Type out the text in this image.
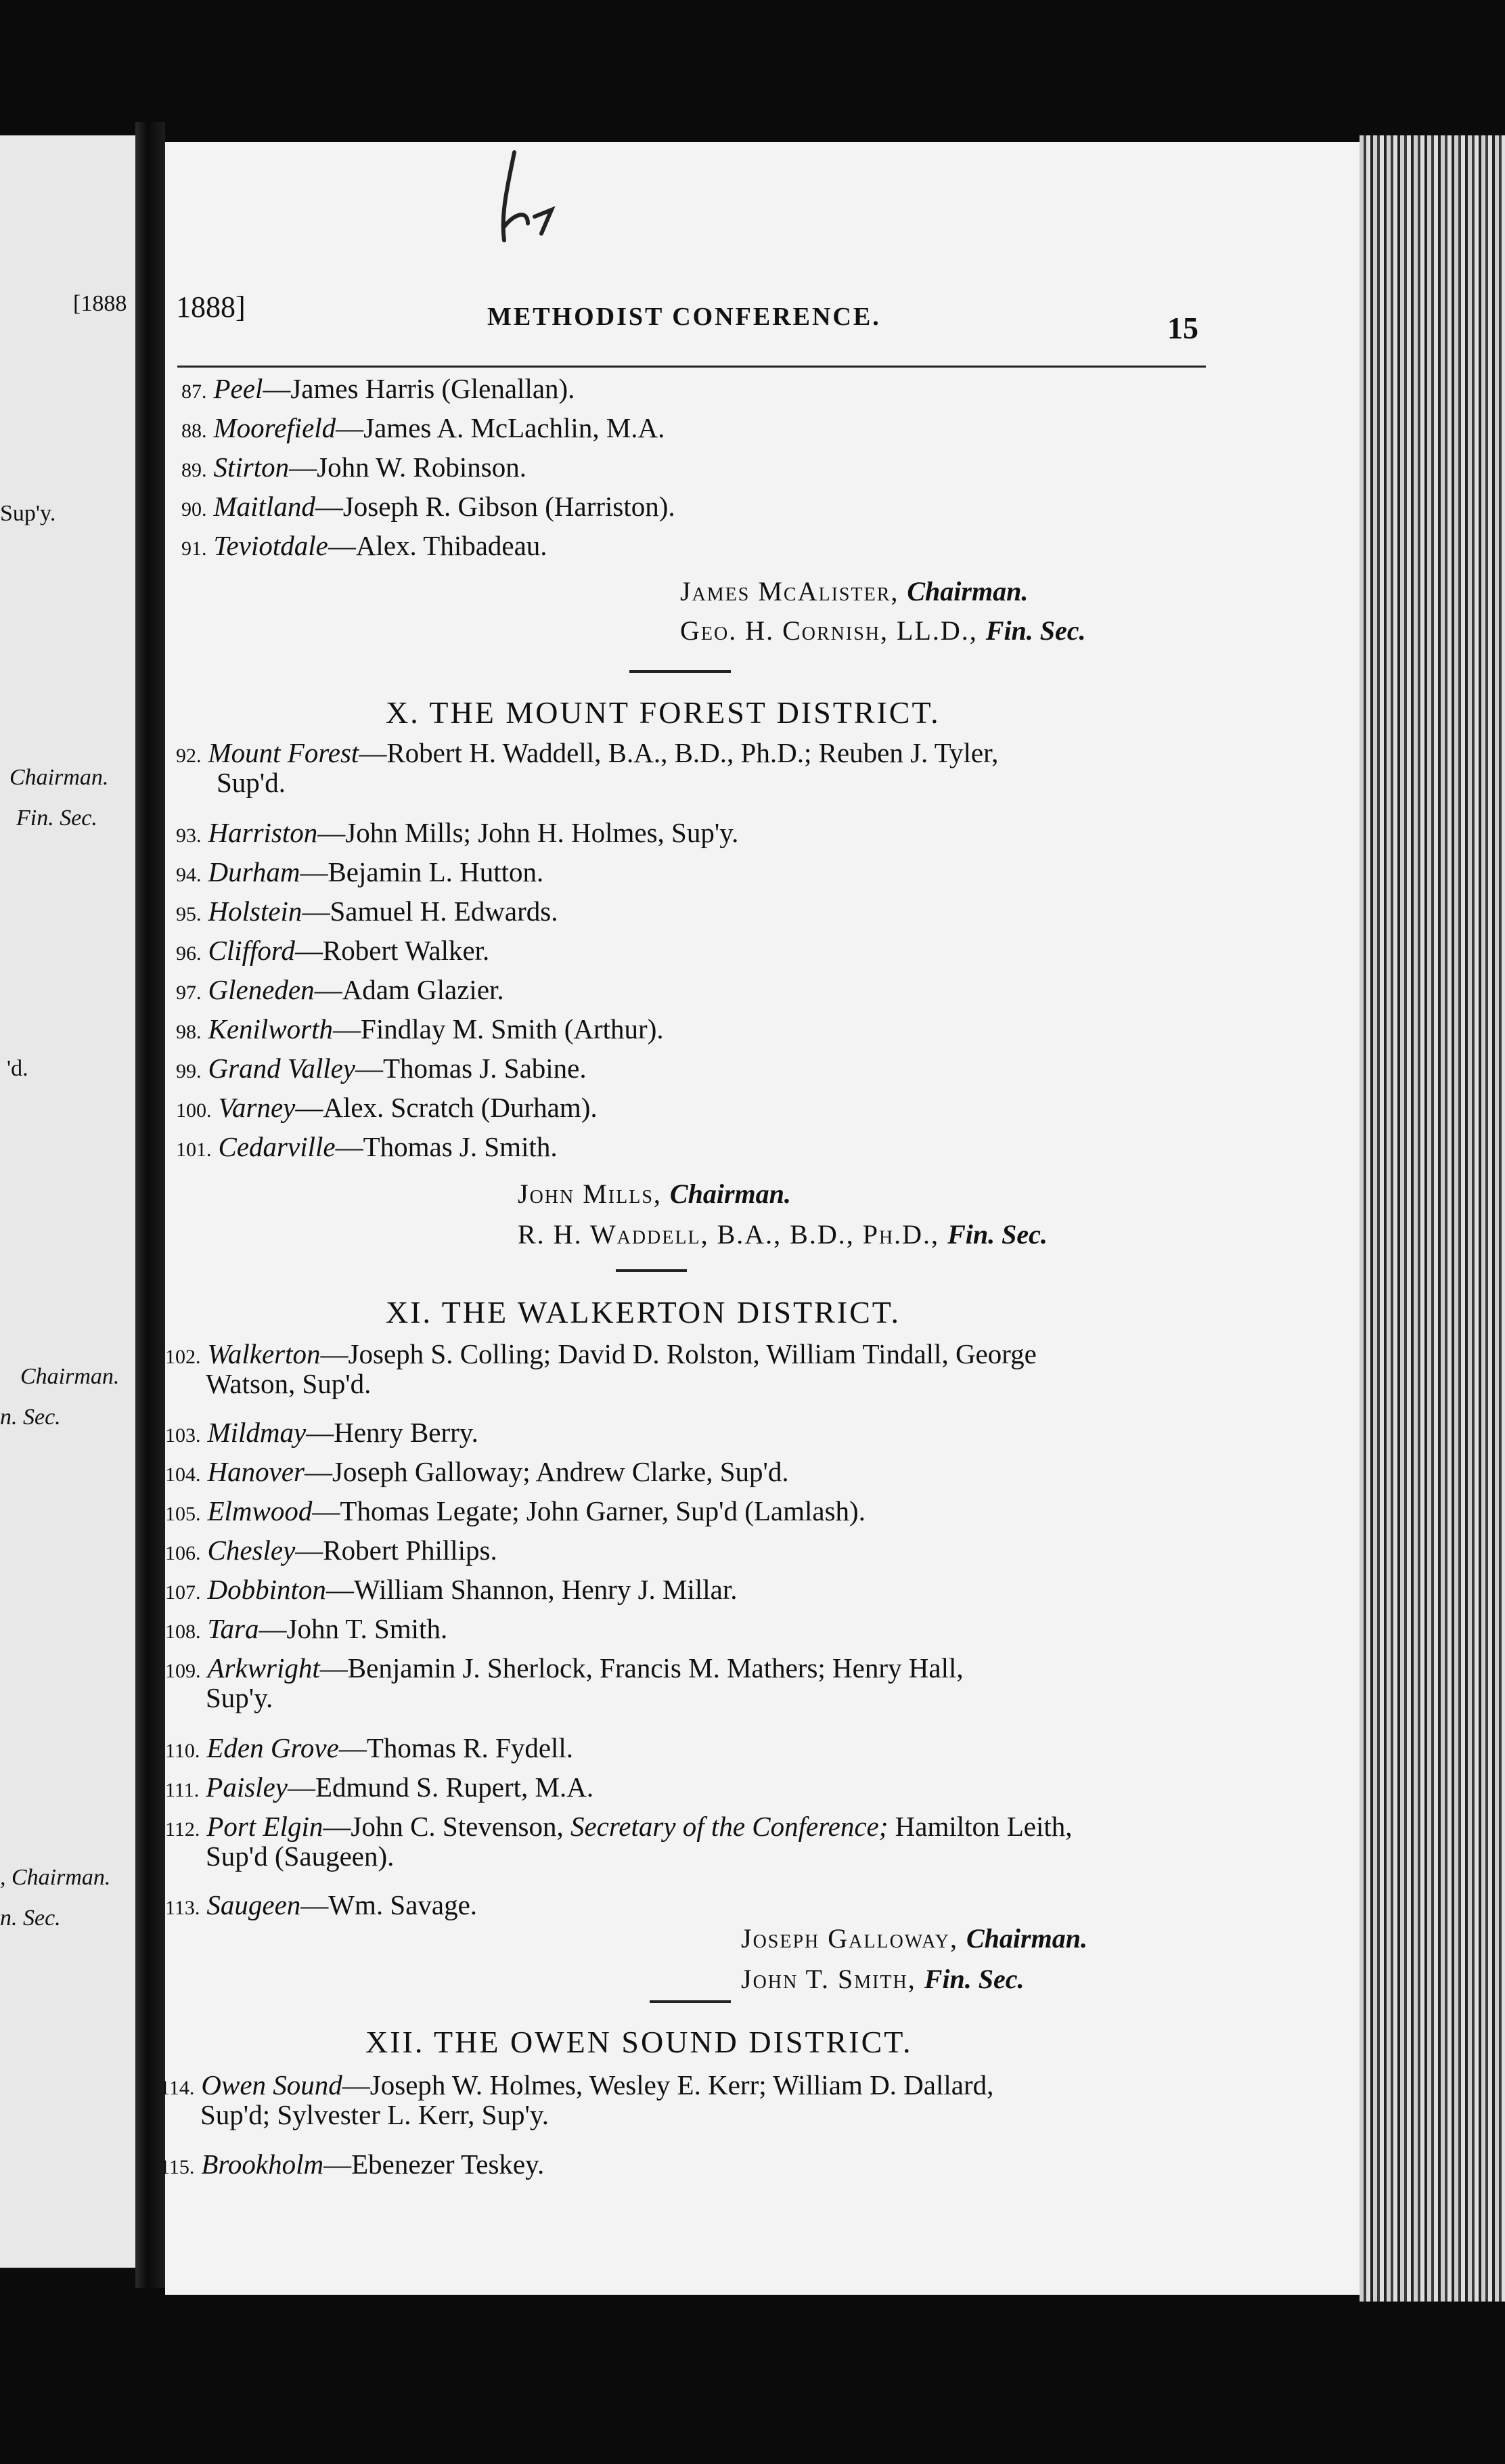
[1888
Sup'y.
Chairman.
Fin. Sec.
'd.
Chairman.
n. Sec.
, Chairman.
n. Sec.
1888]	METHODIST CONFERENCE.	15
87. Peel—James Harris (Glenallan).
88. Moorefield—James A. McLachlin, M.A.
89. Stirton—John W. Robinson.
90. Maitland—Joseph R. Gibson (Harriston).
91. Teviotdale—Alex. Thibadeau.
James McAlister, Chairman.
Geo. H. Cornish, LL.D., Fin. Sec.
X. THE MOUNT FOREST DISTRICT.
92. Mount Forest—Robert H. Waddell, B.A., B.D., Ph.D.; Reuben J. Tyler,
Sup'd.
93. Harriston—John Mills; John H. Holmes, Sup'y.
94. Durham—Bejamin L. Hutton.
95. Holstein—Samuel H. Edwards.
96. Clifford—Robert Walker.
97. Gleneden—Adam Glazier.
98. Kenilworth—Findlay M. Smith (Arthur).
99. Grand Valley—Thomas J. Sabine.
100. Varney—Alex. Scratch (Durham).
101. Cedarville—Thomas J. Smith.
John Mills, Chairman.
R. H. Waddell, B.A., B.D., Ph.D., Fin. Sec.
XI. THE WALKERTON DISTRICT.
102. Walkerton—Joseph S. Colling; David D. Rolston, William Tindall, George
Watson, Sup'd.
103. Mildmay—Henry Berry.
104. Hanover—Joseph Galloway; Andrew Clarke, Sup'd.
105. Elmwood—Thomas Legate; John Garner, Sup'd (Lamlash).
106. Chesley—Robert Phillips.
107. Dobbinton—William Shannon, Henry J. Millar.
108. Tara—John T. Smith.
109. Arkwright—Benjamin J. Sherlock, Francis M. Mathers; Henry Hall,
Sup'y.
110. Eden Grove—Thomas R. Fydell.
111. Paisley—Edmund S. Rupert, M.A.
112. Port Elgin—John C. Stevenson, Secretary of the Conference; Hamilton Leith,
Sup'd (Saugeen).
113. Saugeen—Wm. Savage.
Joseph Galloway, Chairman.
John T. Smith, Fin. Sec.
XII. THE OWEN SOUND DISTRICT.
114. Owen Sound—Joseph W. Holmes, Wesley E. Kerr; William D. Dallard,
Sup'd; Sylvester L. Kerr, Sup'y.
115. Brookholm—Ebenezer Teskey.
